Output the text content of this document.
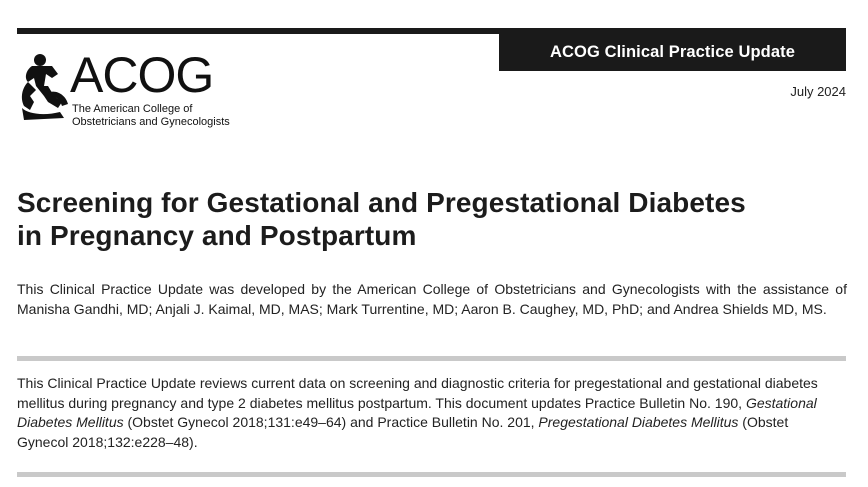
ACOG Clinical Practice Update
ACOG
The American College of
Obstetricians and Gynecologists
July 2024
Screening for Gestational and Pregestational Diabetes
in Pregnancy and Postpartum

This Clinical Practice Update was developed by the American College of Obstetricians and Gynecologists with the assistance of Manisha Gandhi, MD; Anjali J. Kaimal, MD, MAS; Mark Turrentine, MD; Aaron B. Caughey, MD, PhD; and Andrea Shields MD, MS.

This Clinical Practice Update reviews current data on screening and diagnostic criteria for pregestational and gestational diabetes mellitus during pregnancy and type 2 diabetes mellitus postpartum. This document updates Practice Bulletin No. 190, Gestational Diabetes Mellitus (Obstet Gynecol 2018;131:e49–64) and Practice Bulletin No. 201, Pregestational Diabetes Mellitus (Obstet Gynecol 2018;132:e228–48).
